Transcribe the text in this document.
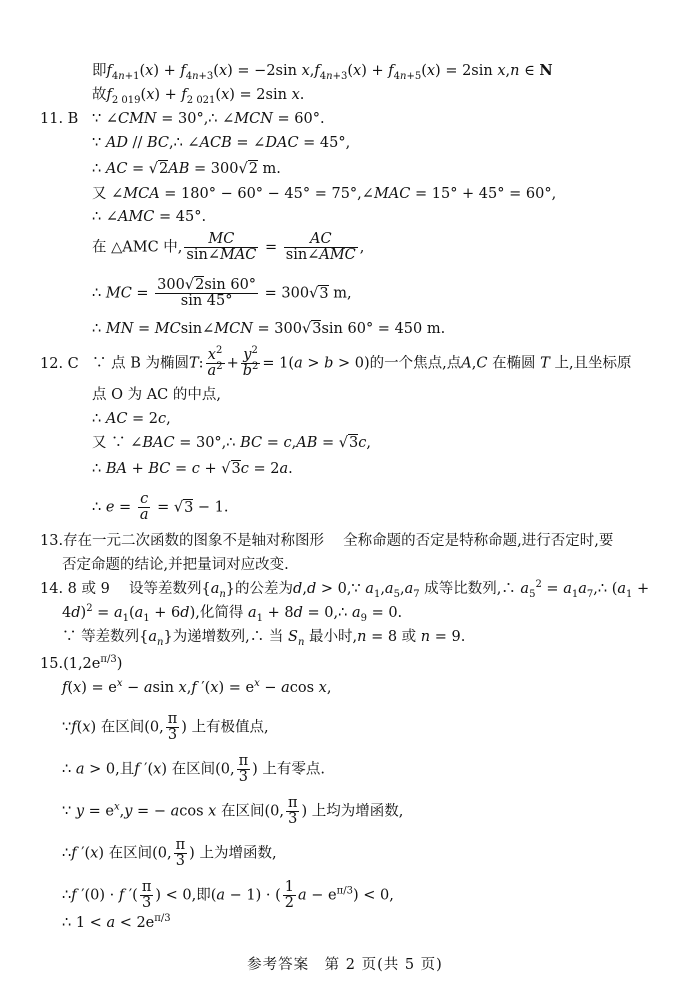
即$f_{4n+1}(x) + f_{4n+3}(x) = -2\sin$ $x,f_{4n+3}(x) + f_{4n+5}(x) = 2\sin$ x,n ∈ N
故$f_{2 019}(x) + f_{2 021}(x) = 2\sin$ x.
11. B ∵ ∠CMN = 30°,∴ ∠MCN = 60°.
∵ AD // BC,∴ ∠ACB = ∠DAC = 45°,
∴ AC = √2AB = 300√2 m.
又 ∠MCA = 180° − 60° − 45° = 75°,∠MAC = 15° + 45° = 60°,
∴ ∠AMC = 45°.
在 △AMC 中, $\frac{MC}{\text{sin∠MAC}} = \frac{AC}{\text{sin∠AMC}}$ ,
∴ MC = $\frac{300√2\sin 60^\circ}{\sin 45^\circ} = 300√3$ m,
∴ MN = MCsin∠MCN = 300√3sin 60° = 450 m.
12. C ∵ 点 B 为椭圆T: $\frac{x^2}{a^2} + \frac{y^2}{b^2} = 1(a > b > 0)$的一个焦点,点A,C 在椭圆 T 上,且坐标原
点 O 为 AC 的中点,
∴ AC = 2c,
又 ∵ ∠BAC = 30°,∴ BC = c,AB = √3c,
∴ BA + BC = c + √3c = 2a.
∴ $e = \frac{c}{a} = √3 - 1$.
13.存在一元二次函数的图象不是轴对称图形　 全称命题的否定是特称命题,进行否定时,要
否定命题的结论,并把量词对应改变.
14. 8 或 9　 设等差数列$\{a_n\}$的公差为d,d > 0,∵ $a_1,a_5,a_7$ 成等比数列,∴ $a_5^2$ = $a_1a_7,\therefore$ ($a_1$ +
$4d)^2 = a_1(a_1 + 6d)$,化简得 $a_1 + 8d$ = 0,∴ $a_9 = 0$.
∵ 等差数列$\{a_n\}$为递增数列,∴ 当 $S_n$ 最小时,n = 8 或 n = 9.
$15.(1,2e^{\pi/3})$
$f(x) = e^x - asin$ x,f $'(x) = e^x - acos$ x,
∵f(x) 在区间(0, $\frac{\pi}{3}$ ) 上有极值点,
∴ a > 0,且f ′(x) 在区间(0, $\frac{\pi}{3}$ ) 上有零点.
∵ $y = e^x,y$ = − acos x 在区间(0, $\frac{\pi}{3}$ ) 上均为增函数,
∴f ′(x) 在区间(0, $\frac{\pi}{3}$ ) 上为增函数,
∴f ′(0) · f ′( $\frac{\pi}{3}$ ) < 0,即(a − 1) · ( $\frac{1}{2}$ $a - e^{\pi/3}) < 0$,
∴ $1 < a < 2e^{\pi/3}$
参考答案　第 2 页(共 5 页)
